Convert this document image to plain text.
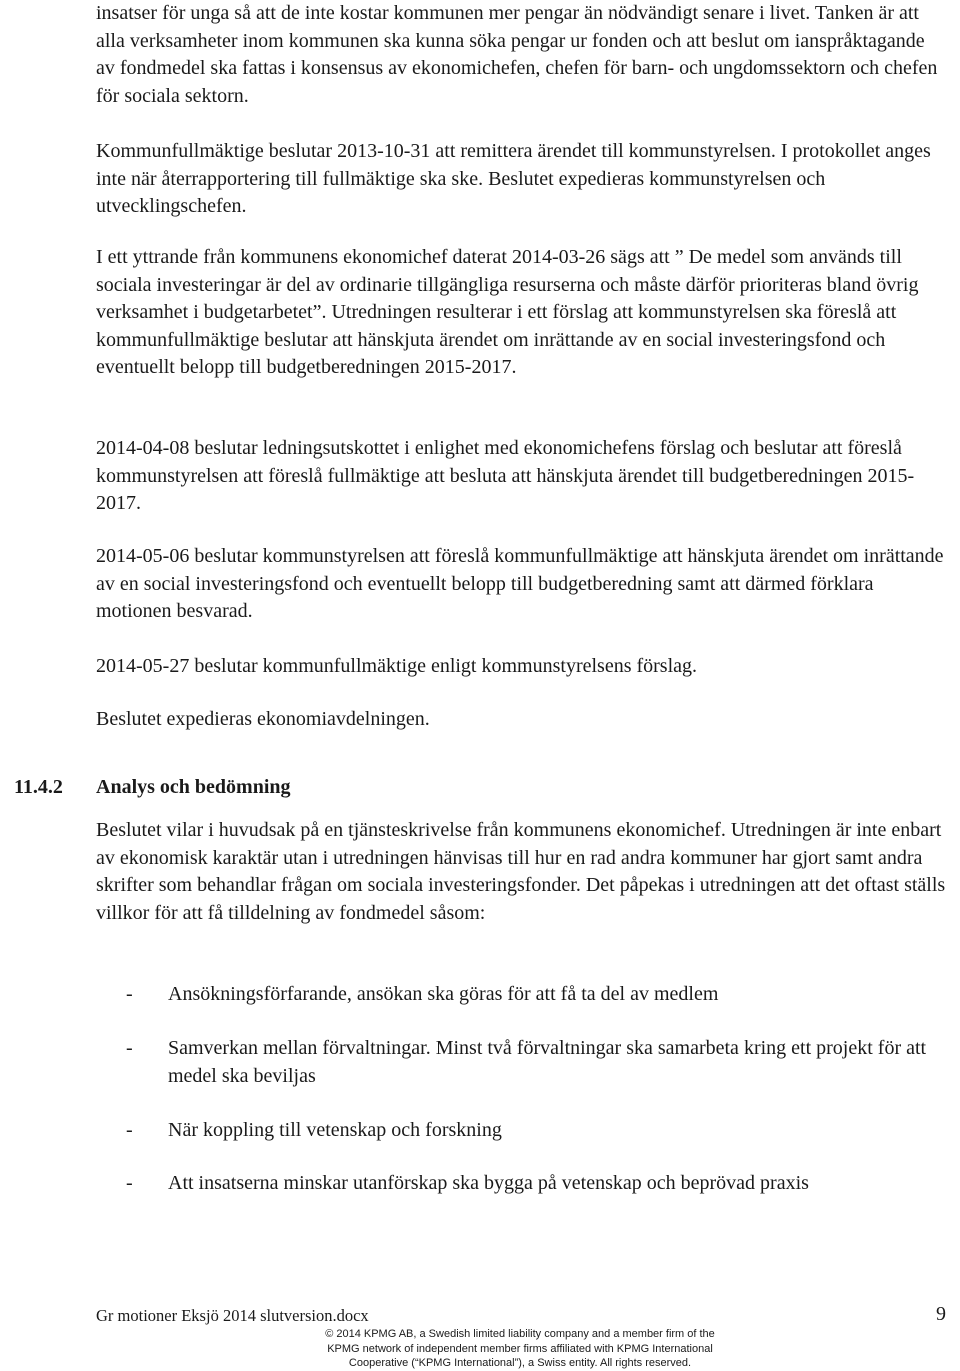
insatser för unga så att de inte kostar kommunen mer pengar än nödvändigt senare i livet. Tanken är att alla verksamheter inom kommunen ska kunna söka pengar ur fonden och att beslut om ianspråktagande av fondmedel ska fattas i konsensus av ekonomichefen, chefen för barn- och ungdomssektorn och chefen för sociala sektorn.

Kommunfullmäktige beslutar 2013-10-31 att remittera ärendet till kommunstyrelsen. I protokollet anges inte när återrapportering till fullmäktige ska ske. Beslutet expedieras kommunstyrelsen och utvecklingschefen.

I ett yttrande från kommunens ekonomichef daterat 2014-03-26 sägs att ” De medel som används till sociala investeringar är del av ordinarie tillgängliga resurserna och måste därför prioriteras bland övrig verksamhet i budgetarbetet”. Utredningen resulterar i ett förslag att kommunstyrelsen ska föreslå att kommunfullmäktige beslutar att hänskjuta ärendet om inrättande av en social investeringsfond och eventuellt belopp till budgetberedningen 2015-2017.

2014-04-08 beslutar ledningsutskottet i enlighet med ekonomichefens förslag och beslutar att föreslå kommunstyrelsen att föreslå fullmäktige att besluta att hänskjuta ärendet till budgetberedningen 2015-2017.

2014-05-06 beslutar kommunstyrelsen att föreslå kommunfullmäktige att hänskjuta ärendet om inrättande av en social investeringsfond och eventuellt belopp till budgetberedning samt att därmed förklara motionen besvarad.

2014-05-27 beslutar kommunfullmäktige enligt kommunstyrelsens förslag.

Beslutet expedieras ekonomiavdelningen.

11.4.2 Analys och bedömning

Beslutet vilar i huvudsak på en tjänsteskrivelse från kommunens ekonomichef. Utredningen är inte enbart av ekonomisk karaktär utan i utredningen hänvisas till hur en rad andra kommuner har gjort samt andra skrifter som behandlar frågan om sociala investeringsfonder. Det påpekas i utredningen att det oftast ställs villkor för att få tilldelning av fondmedel såsom:

- Ansökningsförfarande, ansökan ska göras för att få ta del av medlem
- Samverkan mellan förvaltningar. Minst två förvaltningar ska samarbeta kring ett projekt för att medel ska beviljas
- När koppling till vetenskap och forskning
- Att insatserna minskar utanförskap ska bygga på vetenskap och beprövad praxis
Gr motioner Eksjö 2014 slutversion.docx	9
© 2014 KPMG AB, a Swedish limited liability company and a member firm of the
KPMG network of independent member firms affiliated with KPMG International
Cooperative (“KPMG International”), a Swiss entity. All rights reserved.
